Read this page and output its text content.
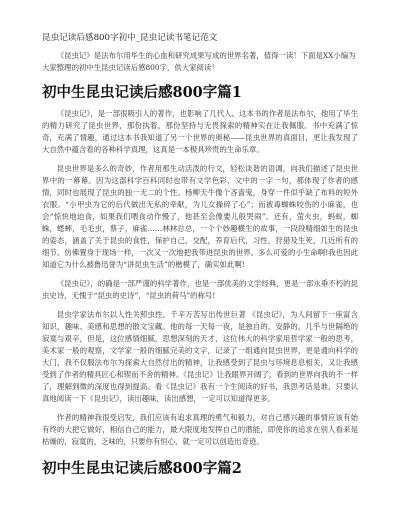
昆虫记读后感800字初中_昆虫记读书笔记范文

《昆虫记》是法布尔用毕生的心血和研究成果写成的世界名著，值得一读！下面是XX小编为大家整理的初中生昆虫记读后感800字，供大家阅读！

初中生昆虫记读后感800字篇1

《昆虫记》，是一部很吸引人的著作，也影响了几代人。这本书的作者是法布尔，他用了毕生的精力研究了昆虫世界，那份执着，那份坚持与无畏探索的精神实在让我佩服。书中充满了惊奇，充满了情趣，通过这本书我知道了另一个世界的奥秘——昆虫世界的真面目，更让我发现了大自然中蕴含着的各种科学真理，这真是一本极具珍贵的生命乐章。

昆虫世界是多么的奇妙，作者用那生动活泼的行文，轻松谈谐的语调，向我们描述了昆虫世界中的一幕幕。因为这部科学百科同时也带有文学色彩，文中的一字一句，都体现了作者的感情，同时也展现了昆虫的独一无二的个性。杨柳天牛像个吝啬鬼，身穿一件似乎缺了布料的短外衣服。“小甲虫为它的后代做出无私的牵献，为儿女操碎了心”；而被毒蜘蛛咬伤的小麻雀，也会“惊快地迫食，如果我们喂食动作慢了，他甚至会像要儿般哭闹”。还有，萤火虫，蚂蚁，蜘蛛，蟋蟀，毛毛虫，蔡子，麻雀……林林总总，一个个妙趣横生的故事，一段段精细如生的昆虫的姿态，涵盖了关于昆虫的食性，保护自己，交配，养育后代，习性，狩猎及生死，几近所有的细节。仿佛置身于现场一样，一次又一次地把我带进昆虫的世界。多么可爱的小生命啊!我也因此知道它为什么被鲁迅誉为“讲昆虫生活”的楷模了，确实如此啊!

《昆虫记》，的确是一部严谨的科学著作，也是一部优美的文学经典，更是一部永垂不朽的昆虫史诗，无愧于“昆虫的史诗”，“昆虫的荷马”的称号!

昆虫学家法布尔以人性关照虫性，千辛万苦写出传世巨著 《昆虫记》，为人间留下一座富含知识，趣味、美感和思想的散文宝藏。他的每一天每一夜，是独自的，安静的，几乎与世隔绝的寂寞与艰辛，但是，这位感情细腻，思想深刻的天才，这位伟大的科学家用哲学家一般的思考，美术家一般的观察，文学家一般的细腻完美的文字，记录了一组通向昆虫世界，更是通向科学的大门，我不仅服法布尔为探索大自然付出的精神，让我感受到了昆虫与环境息息相关，又让我感受到了作者的精具匠心和锲而不舍的精神。《昆虫记》让我眼界开阔了，看到的世界向我的不一样了，理解到微的深度也得到提高。看《昆虫记》我有一个生阅读的好书，我思考话是谁，只要认真地阅读一下《昆虫记》，读出趣味，读出感想，一定可以知道得更多。

作者的精神我很受启发，我们应该有追求真理的勇气和毅力，对自己感兴趣的事情应该有始有终的大把它做好，相信自己的能力，最大限度地发挥自己的潜能，即使你的追求在别人看来是枯燥的，寂寞的，乏味的，只要你有恒心，就一定可以创造出奇迹。

初中生昆虫记读后感800字篇2
